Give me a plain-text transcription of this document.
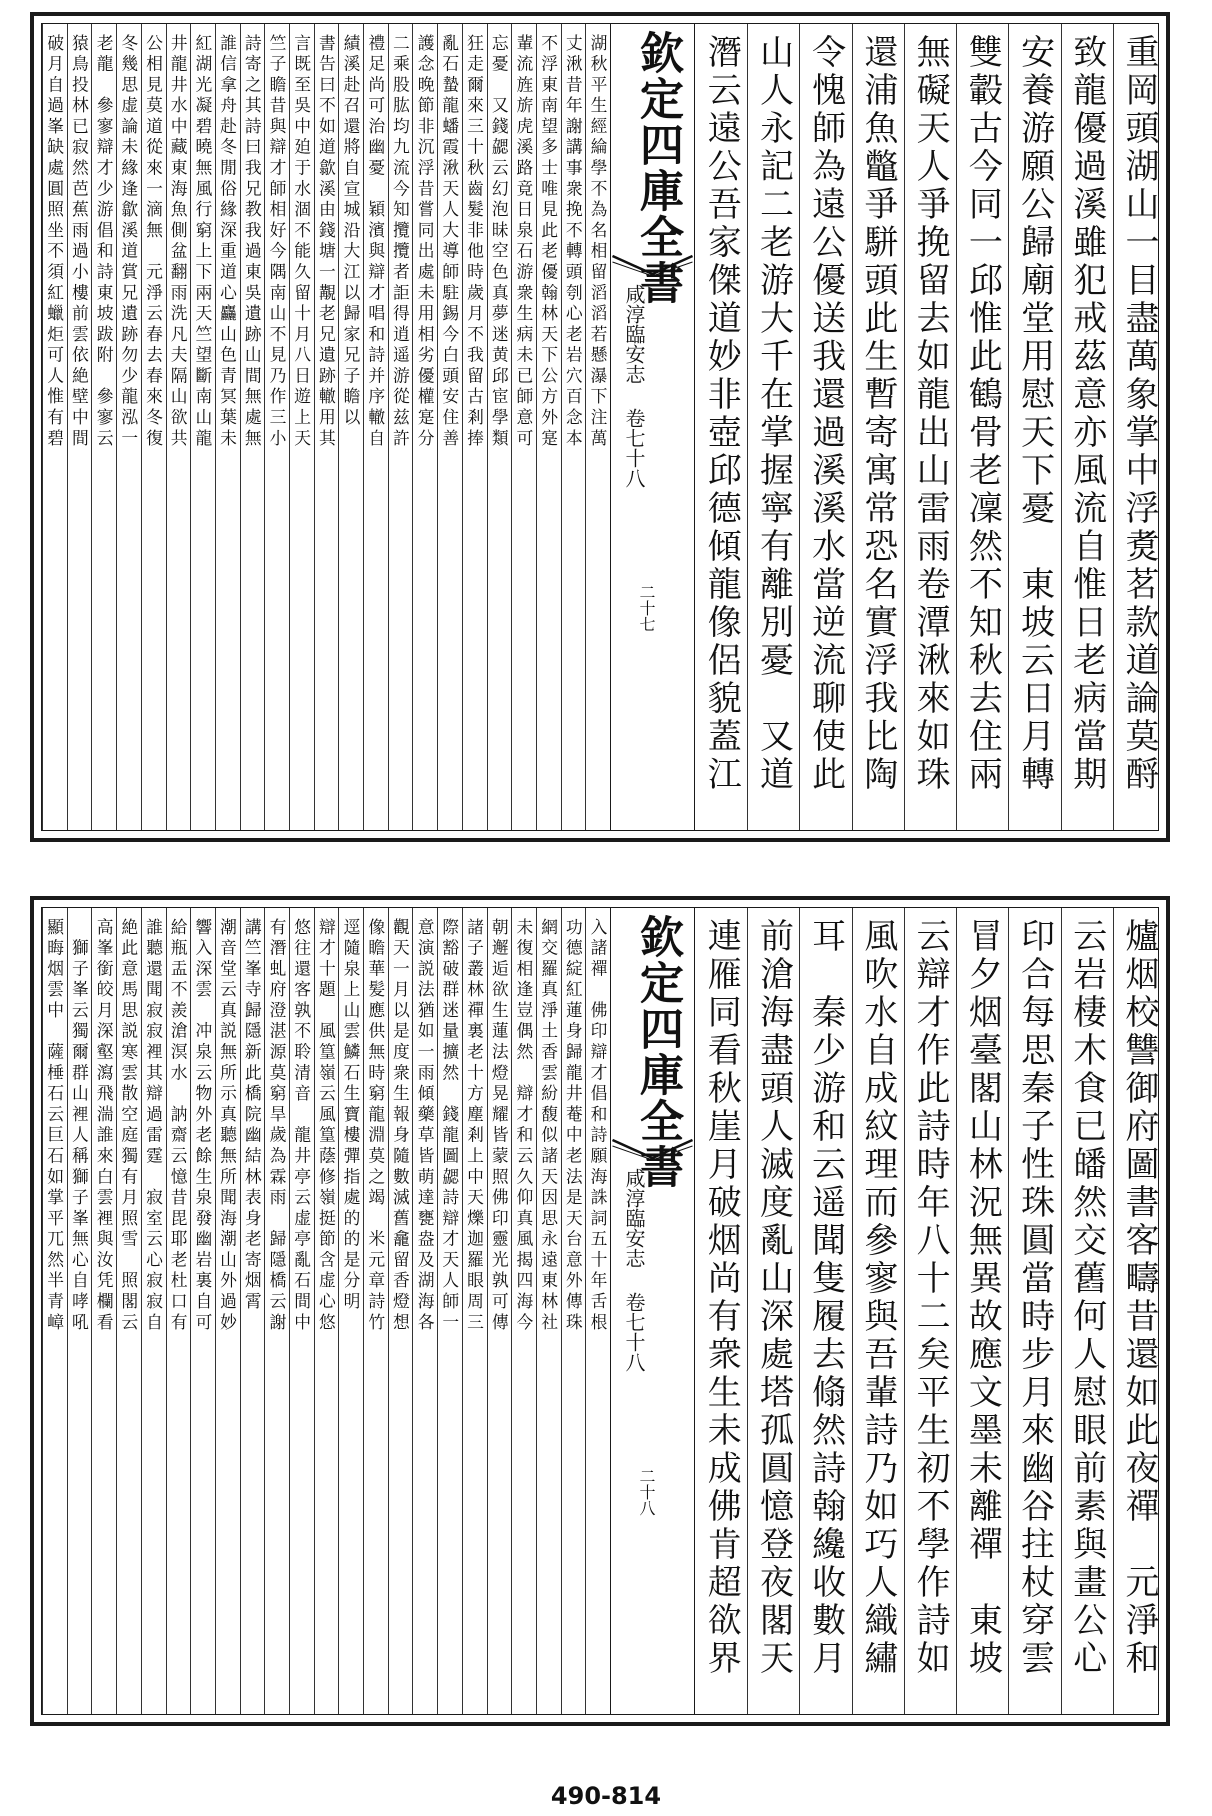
重岡頭湖山一目盡萬象掌中浮煑茗款道論莫酹
致龍優過溪雖犯戒茲意亦風流自惟日老病當期
安養游願公歸廟堂用慰天下憂　東坡云日月轉
雙轂古今同一邱惟此鶴骨老凜然不知秋去住兩
無礙天人爭挽留去如龍出山雷雨卷潭湫來如珠
還浦魚鼈爭駢頭此生暫寄寓常恐名實浮我比陶
令愧師為遠公優送我還過溪溪水當逆流聊使此
山人永記二老游大千在掌握寧有離別憂　又道
潛云遠公吾家傑道妙非壺邱德傾龍像侶貌蓋江
欽定四庫全書
咸淳臨安志 卷七十八
二十七
湖秋平生經綸學不為名相留滔滔若懸瀑下注萬
丈湫昔年謝講事衆挽不轉頭刳心老岩穴百念本
不浮東南望多士唯見此老優翰林天下公方外寔
輩流旌旂虎溪路竟日泉石游衆生病未已師意可
忘憂　又錢勰云幻泡昧空色真夢迷黄邱宦學類
狂走爾來三十秋齒髮非他時歲月不我留古剎捧
亂石蟄龍蟠霞湫天人大導師駐錫今白頭安住善
護念晚節非沉浮昔嘗同出處未用相劣優權寔分
二乘股肱均九流今知攬攬者詎得逍遥游從兹許
禮足尚可治幽憂　穎濱與辯才唱和詩并序轍自
績溪赴召還將自宣城沿大江以歸家兄子瞻以
書告曰不如道歙溪由錢塘一覯老兄遺跡轍用其
言既至吳中廹于水涸不能久留十月八日遊上天
竺子瞻昔與辯才師相好今隅南山不見乃作三小
詩寄之其詩曰我兄教我過東吳遺跡山間無處無
誰信拿舟赴冬閒俗緣深重道心麤山色青冥葉未
紅湖光凝碧曉無風行窮上下兩天竺望斷南山龍
井龍井水中藏東海魚側盆翻雨洗凡夫隔山欲共
公相見莫道從來一滴無　元淨云春去春來冬復
冬幾思虚論未緣逢歙溪道賞兄遺跡勿少龍泓一
老龍　參寥辯才少游倡和詩東坡跋附　參寥云
猿鳥投林已寂然芭蕉雨過小樓前雲依絶壁中間
破月自過峯缺處圓照坐不須紅蠟炬可人惟有碧
爐烟校讐御府圖書客疇昔還如此夜禪　元淨和
云岩棲木食已皤然交舊何人慰眼前素與畫公心
印合每思秦子性珠圓當時步月來幽谷拄杖穿雲
冒夕烟臺閣山林況無異故應文墨未離禪　東坡
云辯才作此詩時年八十二矣平生初不學作詩如
風吹水自成紋理而參寥與吾輩詩乃如巧人織繡
耳　秦少游和云遥聞隻履去翛然詩翰纔收數月
前滄海盡頭人滅度亂山深處塔孤圓憶登夜閣天
連雁同看秋崖月破烟尚有衆生未成佛肯超欲界
欽定四庫全書
咸淳臨安志 卷七十八
二十八
入諸禪　佛印辯才倡和詩願海誅詞五十年舌根
功德綻紅蓮身歸龍井菴中老法是天台意外傳珠
網交羅真淨土香雲紛馥似諸天因思永遠東林社
未復相逢豈偶然　辯才和云久仰真風揭四海今
朝邂逅欲生蓮法燈晃耀皆蒙照佛印靈光孰可傳
諸子叢林禪裏老十方塵剎上中天爍迦羅眼周三
際豁破群迷量擴然　錢龍圖勰詩辯才天人師一
意演説法猶如一雨傾藥草皆萌達甕盎及湖海各
觀天一月以是度衆生報身隨數滅舊龕留香燈想
像瞻華髪應供無時窮龍淵莫之竭　米元章詩竹
逕隨泉上山雲鱗石生寶樓彈指處的的是分明
辯才十題　風篁嶺云風篁蔭修嶺挺節含虚心悠
悠往還客孰不聆清音　龍井亭云虚亭亂石間中
有潛虬府澄湛源莫窮旱歲為霖雨　歸隱橋云謝
講竺峯寺歸隱新此橋院幽結林表身老寄烟霄
潮音堂云真説無所示真聽無所聞海潮山外過妙
響入深雲　冲泉云物外老餘生泉發幽岩裏自可
給瓶盂不羨滄溟水　訥齋云憶昔毘耶老杜口有
誰聽還聞寂寂裡其辯過雷霆　寂室云心寂寂自
絶此意馬思説寒雲散空庭獨有月照雪　照閣云
高峯銜皎月深壑瀉飛湍誰來白雲裡與汝凭欄看
　獅子峯云獨爾群山裡人稱獅子峯無心自哮吼
顯晦烟雲中　薩棰石云巨石如掌平兀然半青嶂
490-814
